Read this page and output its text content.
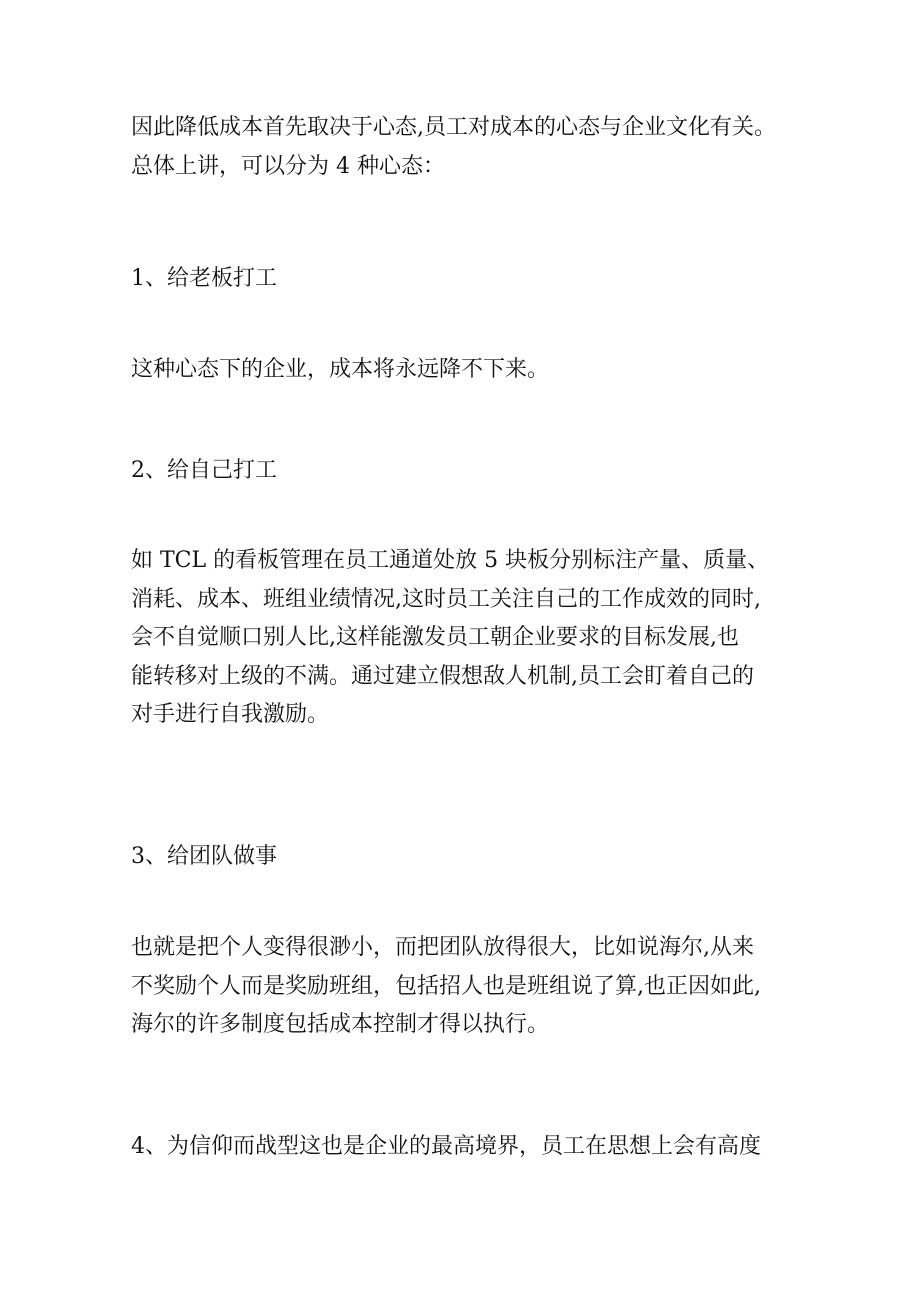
因此降低成本首先取决于心态,员工对成本的心态与企业文化有关。
总体上讲，可以分为 4 种心态：

1、给老板打工

这种心态下的企业，成本将永远降不下来。

2、给自己打工

如 TCL 的看板管理在员工通道处放 5 块板分别标注产量、质量、
消耗、成本、班组业绩情况,这时员工关注自己的工作成效的同时,
会不自觉顺口别人比,这样能激发员工朝企业要求的目标发展,也
能转移对上级的不满。通过建立假想敌人机制,员工会盯着自己的
对手进行自我激励。

3、给团队做事

也就是把个人变得很渺小，而把团队放得很大，比如说海尔,从来
不奖励个人而是奖励班组，包括招人也是班组说了算,也正因如此,
海尔的许多制度包括成本控制才得以执行。

4、为信仰而战型这也是企业的最高境界，员工在思想上会有高度
